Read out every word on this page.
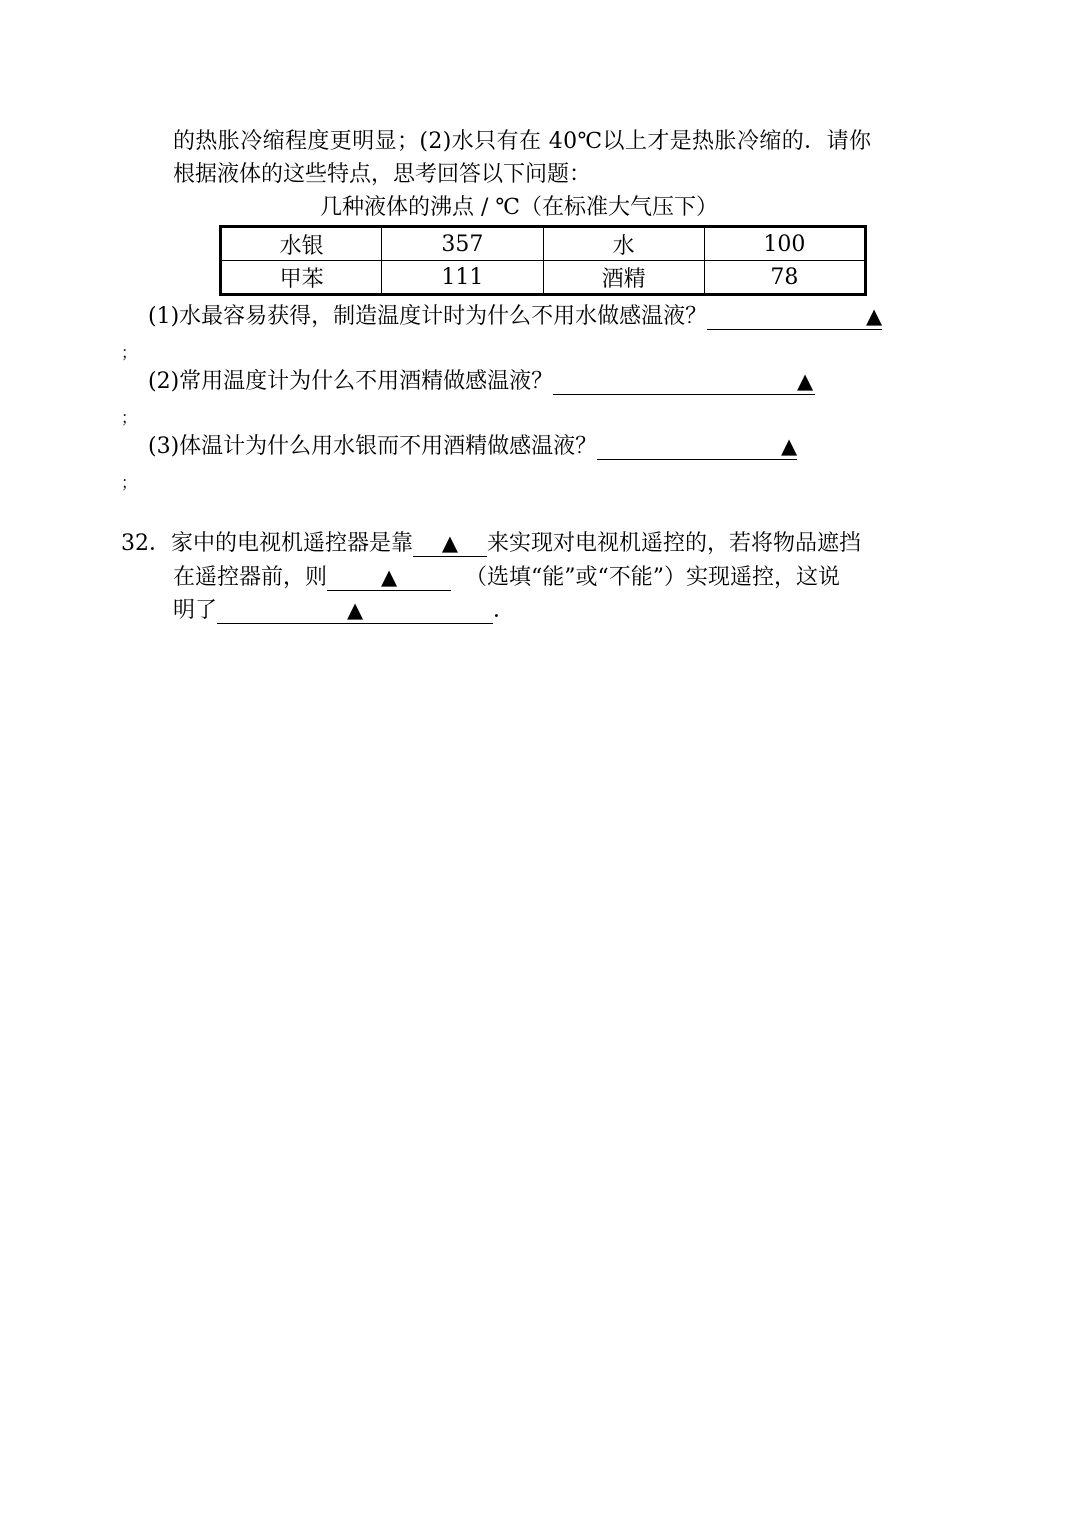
的热胀冷缩程度更明显；(2)水只有在 40℃以上才是热胀冷缩的．请你
根据液体的这些特点，思考回答以下问题：
几种液体的沸点 / ℃（在标准大气压下）
水银	357	水	100
甲苯	111	酒精	78
(1)水最容易获得，制造温度计时为什么不用水做感温液？	▲
；
(2)常用温度计为什么不用酒精做感温液？	▲
；
(3)体温计为什么用水银而不用酒精做感温液？	▲
；
32．家中的电视机遥控器是靠 ▲ 来实现对电视机遥控的，若将物品遮挡
在遥控器前，则	▲	（选填“能”或“不能”）实现遥控，这说
明了	▲	．
